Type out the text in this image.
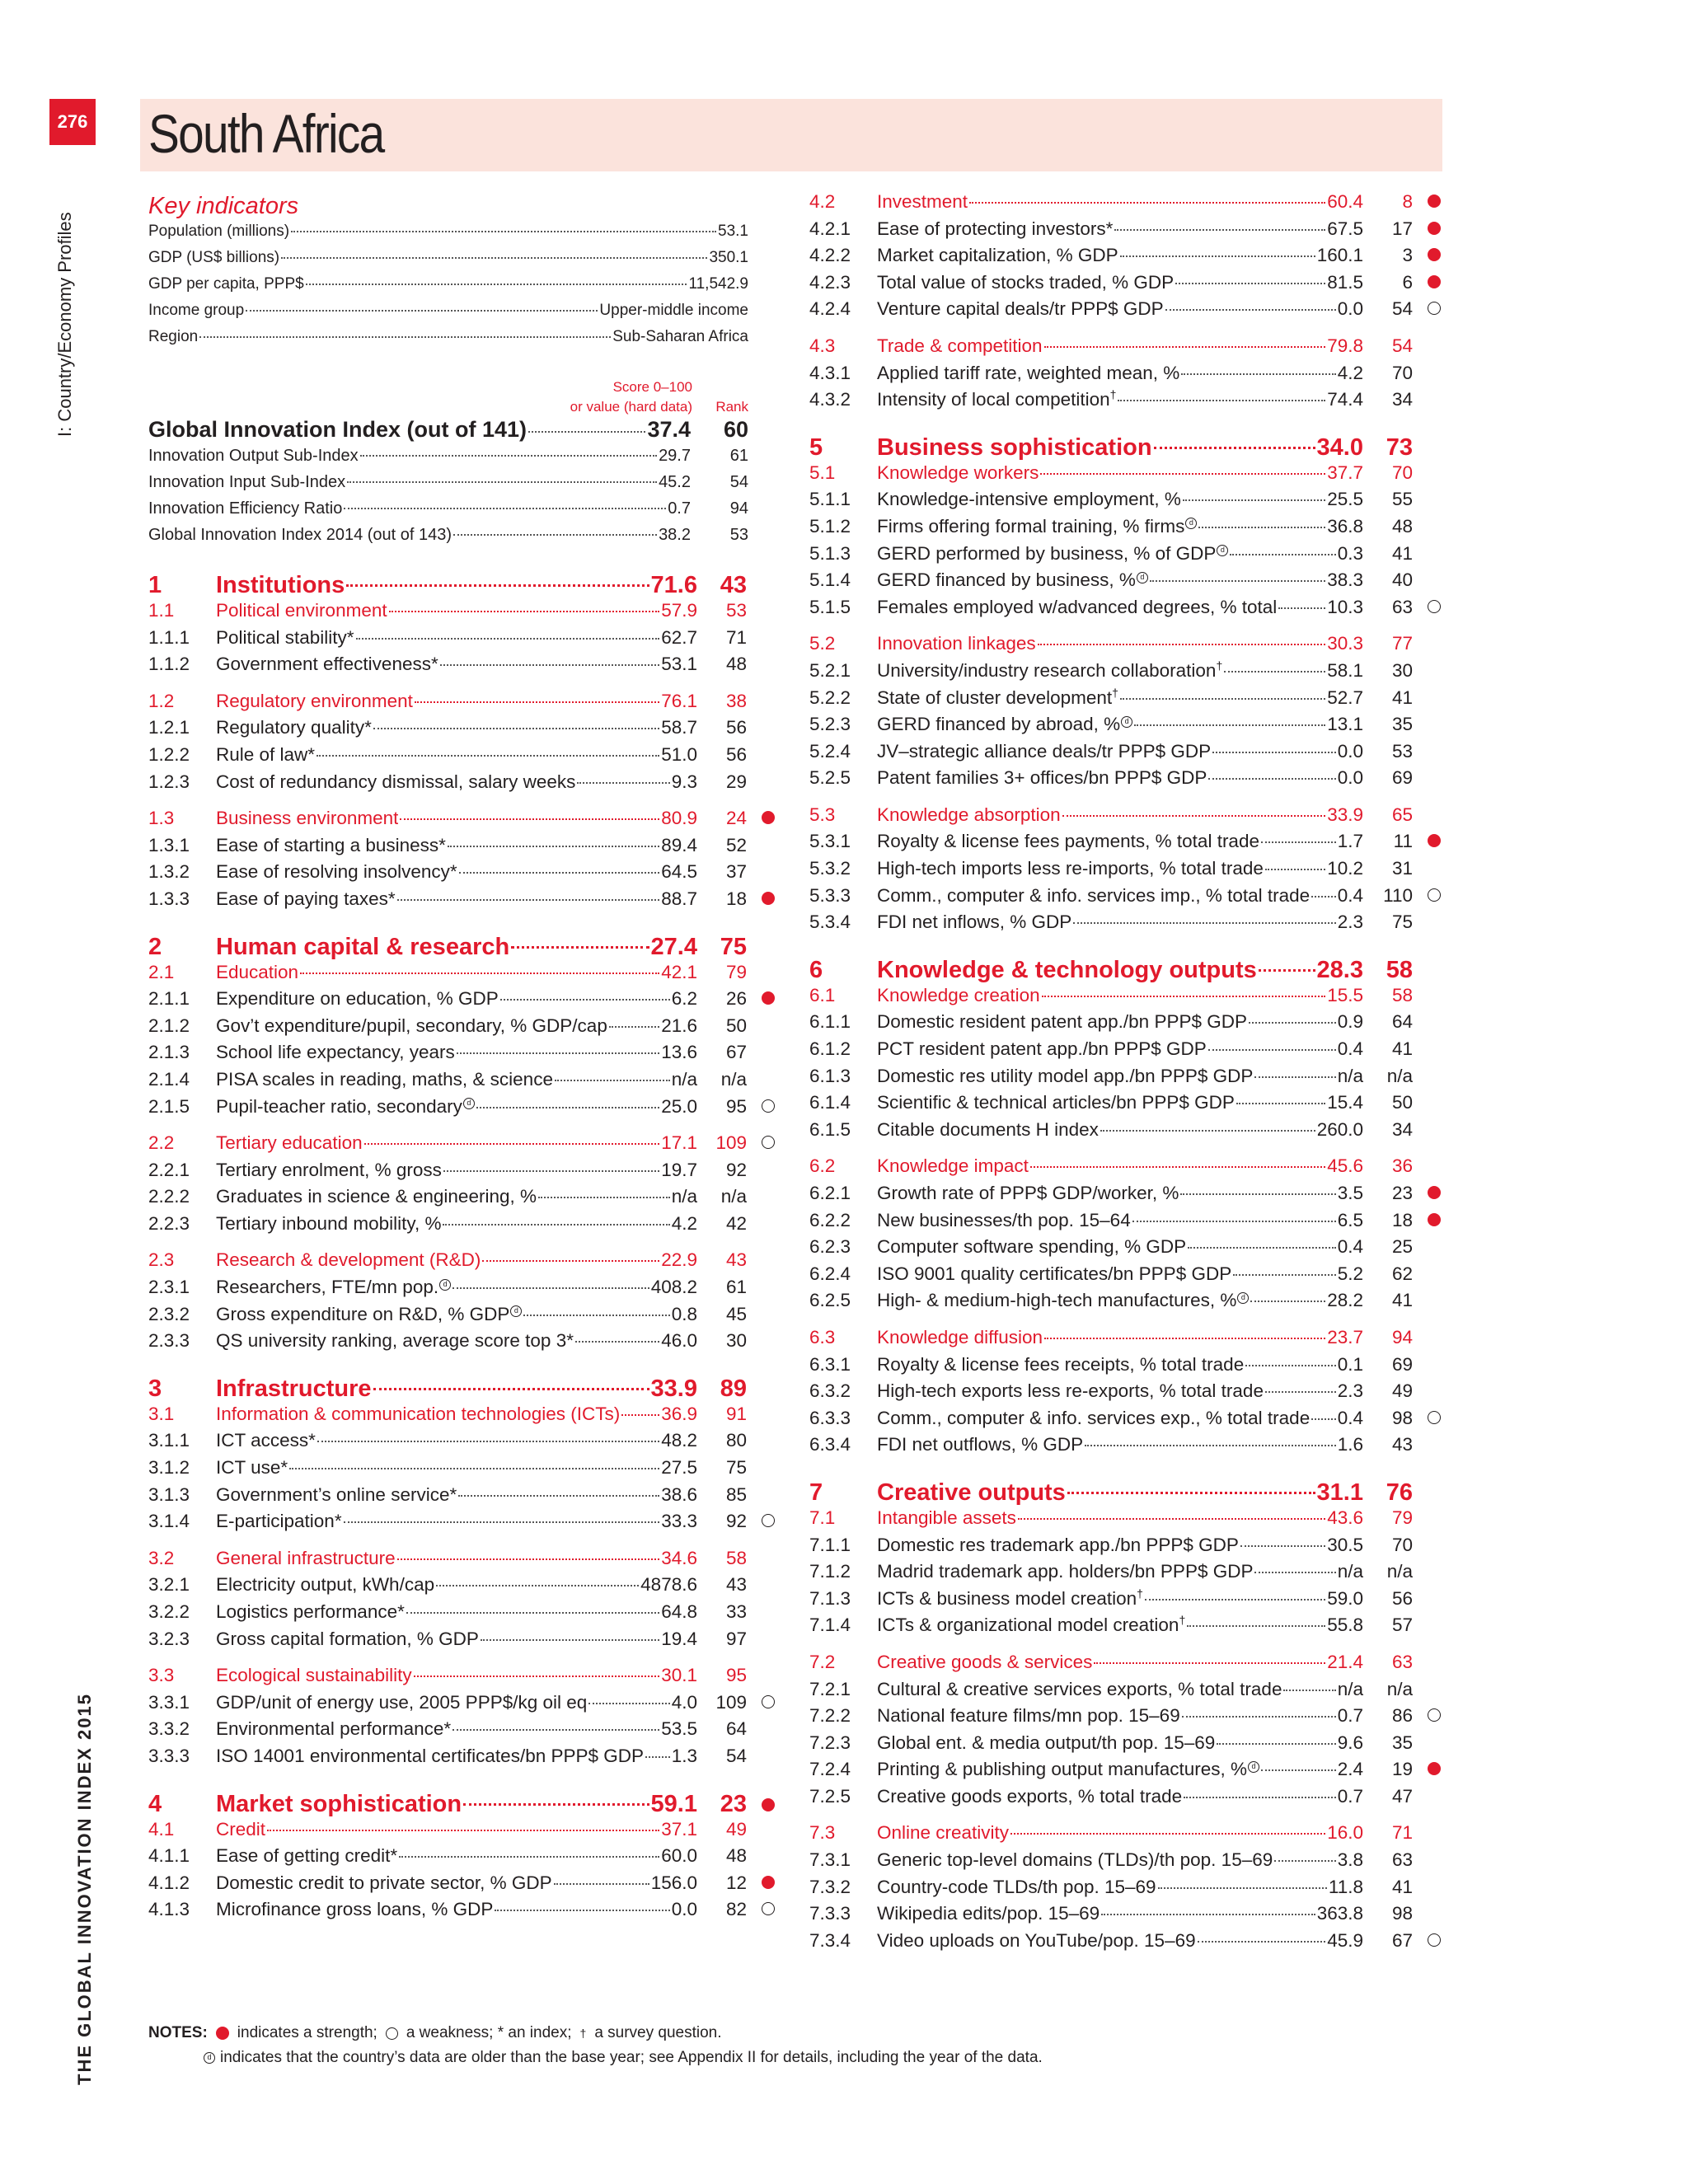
276 South Africa
I: Country/Economy Profiles
THE GLOBAL INNOVATION INDEX 2015
Key indicators
Population (millions)	53.1
GDP (US$ billions)	350.1
GDP per capita, PPP$	11,542.9
Income group	Upper-middle income
Region	Sub-Saharan Africa
Score 0–100
or value (hard data)	Rank
Global Innovation Index (out of 141)	37.4	60
Innovation Output Sub-Index	29.7	61
Innovation Input Sub-Index	45.2	54
Innovation Efficiency Ratio	0.7	94
Global Innovation Index 2014 (out of 143)	38.2	53
1	Institutions	71.6 43
1.1	Political environment	57.9	53
1.1.1	Political stability*	62.7	71
1.1.2	Government effectiveness*	53.1	48
1.2	Regulatory environment	76.1	38
1.2.1	Regulatory quality*	58.7	56
1.2.2	Rule of law*	51.0	56
1.2.3	Cost of redundancy dismissal, salary weeks	9.3	29
1.3	Business environment	80.9	24
1.3.1	Ease of starting a business*	89.4	52
1.3.2	Ease of resolving insolvency*	64.5	37
1.3.3	Ease of paying taxes*	88.7	18
2	Human capital & research	27.4 75
2.1	Education	42.1	79
2.1.1	Expenditure on education, % GDP	6.2	26
2.1.2	Gov’t expenditure/pupil, secondary, % GDP/cap	21.6	50
2.1.3	School life expectancy, years	13.6	67
2.1.4	PISA scales in reading, maths, & science	n/a	n/a
2.1.5	Pupil-teacher ratio, secondary d	25.0	95
2.2	Tertiary education	17.1 109
2.2.1	Tertiary enrolment, % gross	19.7	92
2.2.2	Graduates in science & engineering, %	n/a	n/a
2.2.3	Tertiary inbound mobility, %	4.2	42
2.3	Research & development (R&D)	22.9	43
2.3.1	Researchers, FTE/mn pop. d	408.2	61
2.3.2	Gross expenditure on R&D, % GDP d	0.8	45
2.3.3	QS university ranking, average score top 3*	46.0	30
3	Infrastructure	33.9 89
3.1	Information & communication technologies (ICTs) 36.9	91
3.1.1	ICT access*	48.2	80
3.1.2	ICT use*	27.5	75
3.1.3	Government’s online service*	38.6	85
3.1.4	E-participation*	33.3	92
3.2	General infrastructure	34.6	58
3.2.1	Electricity output, kWh/cap	4878.6	43
3.2.2	Logistics performance*	64.8	33
3.2.3	Gross capital formation, % GDP	19.4	97
3.3	Ecological sustainability	30.1	95
3.3.1	GDP/unit of energy use, 2005 PPP$/kg oil eq	4.0 109
3.3.2	Environmental performance*	53.5	64
3.3.3	ISO 14001 environmental certificates/bn PPP$ GDP 1.3	54
4	Market sophistication	59.1 23
4.1	Credit	37.1	49
4.1.1	Ease of getting credit*	60.0	48
4.1.2	Domestic credit to private sector, % GDP	156.0	12
4.1.3	Microfinance gross loans, % GDP	0.0	82
4.2	Investment	60.4	8
4.2.1	Ease of protecting investors*	67.5	17
4.2.2	Market capitalization, % GDP	160.1	3
4.2.3	Total value of stocks traded, % GDP	81.5	6
4.2.4	Venture capital deals/tr PPP$ GDP	0.0	54
4.3	Trade & competition	79.8	54
4.3.1	Applied tariff rate, weighted mean, %	4.2	70
4.3.2	Intensity of local competition†	74.4	34
5	Business sophistication	34.0 73
5.1	Knowledge workers	37.7	70
5.1.1	Knowledge-intensive employment, %	25.5	55
5.1.2	Firms offering formal training, % firms d	36.8	48
5.1.3	GERD performed by business, % of GDP d	0.3	41
5.1.4	GERD financed by business, % d	38.3	40
5.1.5	Females employed w/advanced degrees, % total	10.3	63
5.2	Innovation linkages	30.3	77
5.2.1	University/industry research collaboration†	58.1	30
5.2.2	State of cluster development†	52.7	41
5.2.3	GERD financed by abroad, % d	13.1	35
5.2.4	JV–strategic alliance deals/tr PPP$ GDP	0.0	53
5.2.5	Patent families 3+ offices/bn PPP$ GDP	0.0	69
5.3	Knowledge absorption	33.9	65
5.3.1	Royalty & license fees payments, % total trade	1.7	11
5.3.2	High-tech imports less re-imports, % total trade	10.2	31
5.3.3	Comm., computer & info. services imp., % total trade 0.4	110
5.3.4	FDI net inflows, % GDP	2.3	75
6	Knowledge & technology outputs	28.3 58
6.1	Knowledge creation	15.5	58
6.1.1	Domestic resident patent app./bn PPP$ GDP	0.9	64
6.1.2	PCT resident patent app./bn PPP$ GDP	0.4	41
6.1.3	Domestic res utility model app./bn PPP$ GDP	n/a	n/a
6.1.4	Scientific & technical articles/bn PPP$ GDP	15.4	50
6.1.5	Citable documents H index	260.0	34
6.2	Knowledge impact	45.6	36
6.2.1	Growth rate of PPP$ GDP/worker, %	3.5	23
6.2.2	New businesses/th pop. 15–64	6.5	18
6.2.3	Computer software spending, % GDP	0.4	25
6.2.4	ISO 9001 quality certificates/bn PPP$ GDP	5.2	62
6.2.5	High- & medium-high-tech manufactures, % d	28.2	41
6.3	Knowledge diffusion	23.7	94
6.3.1	Royalty & license fees receipts, % total trade	0.1	69
6.3.2	High-tech exports less re-exports, % total trade	2.3	49
6.3.3	Comm., computer & info. services exp., % total trade 0.4	98
6.3.4	FDI net outflows, % GDP	1.6	43
7	Creative outputs	31.1 76
7.1	Intangible assets	43.6	79
7.1.1	Domestic res trademark app./bn PPP$ GDP	30.5	70
7.1.2	Madrid trademark app. holders/bn PPP$ GDP	n/a	n/a
7.1.3	ICTs & business model creation†	59.0	56
7.1.4	ICTs & organizational model creation†	55.8	57
7.2	Creative goods & services	21.4	63
7.2.1	Cultural & creative services exports, % total trade	n/a	n/a
7.2.2	National feature films/mn pop. 15–69	0.7	86
7.2.3	Global ent. & media output/th pop. 15–69	9.6	35
7.2.4	Printing & publishing output manufactures, % d	2.4	19
7.2.5	Creative goods exports, % total trade	0.7	47
7.3	Online creativity	16.0	71
7.3.1	Generic top-level domains (TLDs)/th pop. 15–69	3.8	63
7.3.2	Country-code TLDs/th pop. 15–69	11.8	41
7.3.3	Wikipedia edits/pop. 15–69	363.8	98
7.3.4	Video uploads on YouTube/pop. 15–69	45.9	67
NOTES: indicates a strength; a weakness; * an index; † a survey question.
d indicates that the country’s data are older than the base year; see Appendix II for details, including the year of the data.
